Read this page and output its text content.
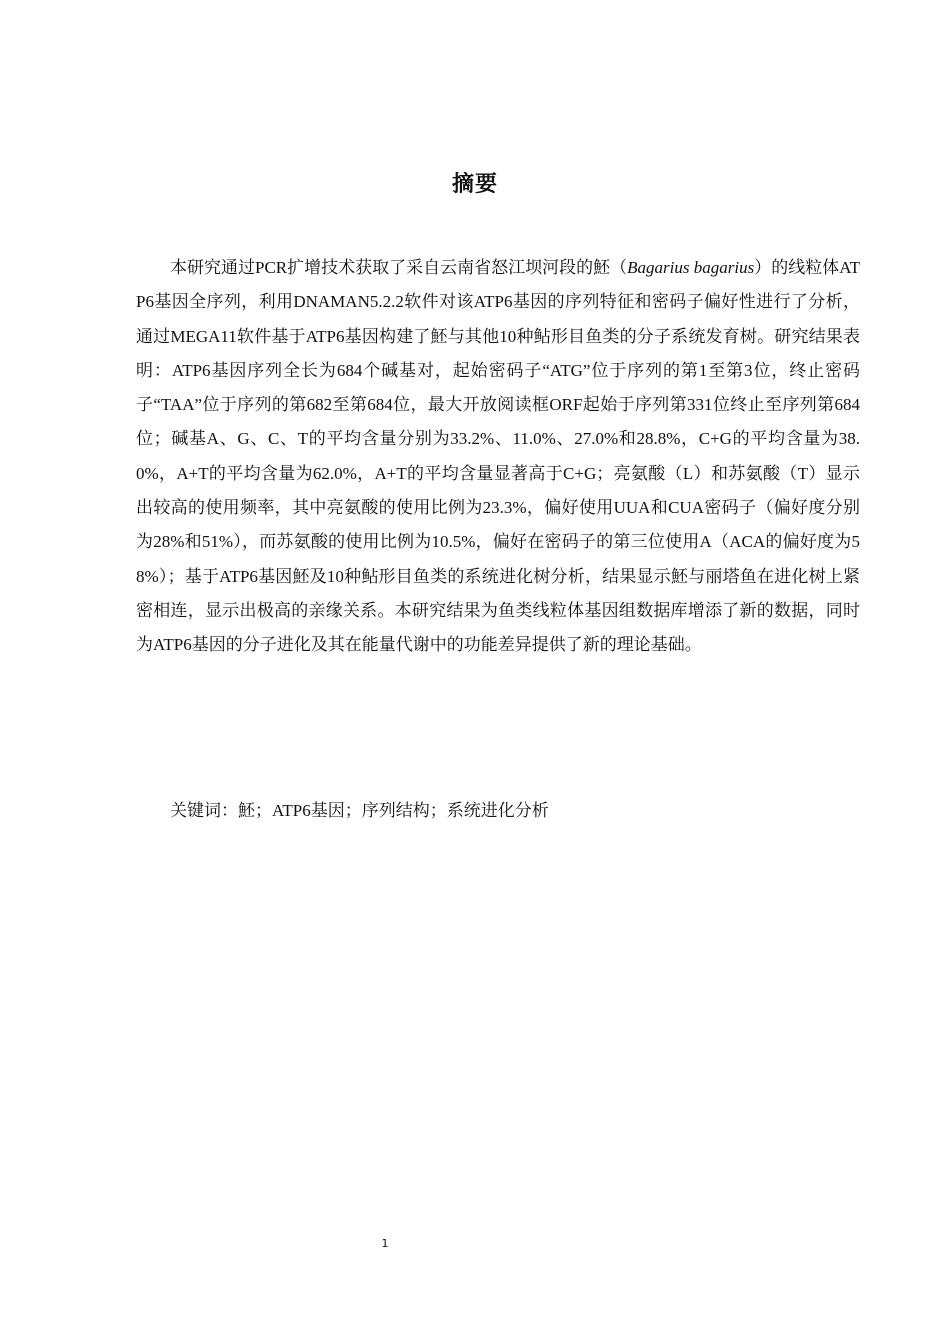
摘要

本研究通过PCR扩增技术获取了采自云南省怒江坝河段的魾（Bagarius bagarius）的线粒体ATP6基因全序列，利用DNAMAN5.2.2软件对该ATP6基因的序列特征和密码子偏好性进行了分析，通过MEGA11软件基于ATP6基因构建了魾与其他10种鲇形目鱼类的分子系统发育树。研究结果表明：ATP6基因序列全长为684个碱基对，起始密码子“ATG”位于序列的第1至第3位，终止密码子“TAA”位于序列的第682至第684位，最大开放阅读框ORF起始于序列第331位终止至序列第684位；碱基A、G、C、T的平均含量分别为33.2%、11.0%、27.0%和28.8%，C+G的平均含量为38.0%，A+T的平均含量为62.0%，A+T的平均含量显著高于C+G；亮氨酸（L）和苏氨酸（T）显示出较高的使用频率，其中亮氨酸的使用比例为23.3%，偏好使用UUA和CUA密码子（偏好度分别为28%和51%），而苏氨酸的使用比例为10.5%，偏好在密码子的第三位使用A（ACA的偏好度为58%）；基于ATP6基因魾及10种鲇形目鱼类的系统进化树分析，结果显示魾与丽塔鱼在进化树上紧密相连，显示出极高的亲缘关系。本研究结果为鱼类线粒体基因组数据库增添了新的数据，同时为ATP6基因的分子进化及其在能量代谢中的功能差异提供了新的理论基础。

关键词：魾；ATP6基因；序列结构；系统进化分析

1
